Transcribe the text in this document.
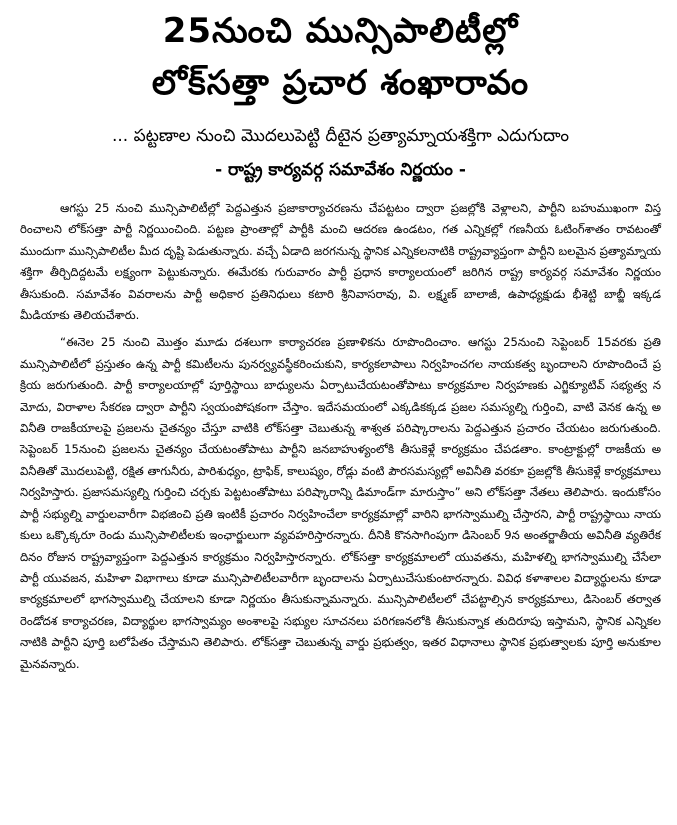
25నుంచి మున్సిపాలిటీల్లో
లోక్‌సత్తా ప్రచార శంఖారావం
... పట్టణాల నుంచి మొదలుపెట్టి దీటైన ప్రత్యామ్నాయశక్తిగా ఎదుగుదాం
- రాష్ట్ర కార్యవర్గ సమావేశం నిర్ణయం -

ఆగస్టు 25 నుంచి మున్సిపాలిటీల్లో పెద్దఎత్తున ప్రజాకార్యాచరణను చేపట్టటం ద్వారా ప్రజల్లోకి వెళ్లాలని, పార్టీని బహుముఖంగా విస్తరించాలని లోక్‌సత్తా పార్టీ నిర్ణయించింది. పట్టణ ప్రాంతాల్లో పార్టీకి మంచి ఆదరణ ఉండటం, గత ఎన్నికల్లో గణనీయ ఓటింగ్‌శాతం రావటంతో ముందుగా మున్సిపాలిటీల మీద దృష్టి పెడుతున్నారు. వచ్చే ఏడాది జరగనున్న స్థానిక ఎన్నికలనాటికి రాష్ట్రవ్యాప్తంగా పార్టీని బలమైన ప్రత్యామ్నాయశక్తిగా తీర్చిదిద్దటమే లక్ష్యంగా పెట్టుకున్నారు. ఈమేరకు గురువారం పార్టీ ప్రధాన కార్యాలయంలో జరిగిన రాష్ట్ర కార్యవర్గ సమావేశం నిర్ణయం తీసుకుంది. సమావేశం వివరాలను పార్టీ అధికార ప్రతినిధులు కటారి శ్రీనివాసరావు, వి. లక్ష్మణ్ బాలాజీ, ఉపాధ్యక్షుడు భీశెట్టి బాబ్జీ ఇక్కడ మీడియాకు తెలియచేశారు.

“ఈనెల 25 నుంచి మొత్తం మూడు దశలుగా కార్యాచరణ ప్రణాళికను రూపొందించాం. ఆగస్టు 25నుంచి సెప్టెంబర్ 15వరకు ప్రతి మున్సిపాలిటీలో ప్రస్తుతం ఉన్న పార్టీ కమిటీలను పునర్వ్యవస్థీకరించుకుని, కార్యకలాపాలు నిర్వహించగల నాయకత్వ బృందాలని రూపొందించే ప్రక్రియ జరుగుతుంది. పార్టీ కార్యాలయాల్లో పూర్తిస్థాయి బాధ్యులను ఏర్పాటుచేయటంతోపాటు కార్యక్రమాల నిర్వహణకు ఎగ్జిక్యూటివ్ సభ్యత్వ నమోదు, విరాళాల సేకరణ ద్వారా పార్టీని స్వయంపోషకంగా చేస్తాం. ఇదేసమయంలో ఎక్కడికక్కడ ప్రజల సమస్యల్ని గుర్తించి, వాటి వెనక ఉన్న అవినీతి రాజకీయాలపై ప్రజలను చైతన్యం చేస్తూ వాటికి లోక్‌సత్తా చెబుతున్న శాశ్వత పరిష్కారాలను పెద్దఎత్తున ప్రచారం చేయటం జరుగుతుంది. సెప్టెంబర్ 15నుంచి ప్రజలను చైతన్యం చేయటంతోపాటు పార్టీని జనబాహుళ్యంలోకి తీసుకెళ్లే కార్యక్రమం చేపడతాం. కాంట్రాక్టుల్లో రాజకీయ అవినీతితో మొదలుపెట్టి, రక్షిత తాగునీరు, పారిశుధ్యం, ట్రాఫిక్, కాలుష్యం, రోడ్లు వంటి పౌరసమస్యల్లో అవినీతి వరకూ ప్రజల్లోకి తీసుకెళ్లే కార్యక్రమాలు నిర్వహిస్తారు. ప్రజాసమస్యల్ని గుర్తించి చర్చకు పెట్టటంతోపాటు పరిష్కారాన్ని డిమాండ్‌గా మారుస్తాం” అని లోక్‌సత్తా నేతలు తెలిపారు. ఇందుకోసం పార్టీ సభ్యుల్ని వార్డులవారీగా విభజించి ప్రతి ఇంటికీ ప్రచారం నిర్వహించేలా కార్యక్రమాల్లో వారిని భాగస్వాముల్ని చేస్తారని, పార్టీ రాష్ట్రస్థాయి నాయకులు ఒక్కొక్కరూ రెండు మున్సిపాలిటీలకు ఇంఛార్జులుగా వ్యవహరిస్తారన్నారు. దీనికి కొనసాగింపుగా డిసెంబర్ 9న అంతర్జాతీయ అవినీతి వ్యతిరేక దినం రోజున రాష్ట్రవ్యాప్తంగా పెద్దఎత్తున కార్యక్రమం నిర్వహిస్తారన్నారు. లోక్‌సత్తా కార్యక్రమాలలో యువతను, మహిళల్ని భాగస్వాముల్ని చేసేలా పార్టీ యువజన, మహిళా విభాగాలు కూడా మున్సిపాలిటీలవారీగా బృందాలను ఏర్పాటుచేసుకుంటారన్నారు. వివిధ కళాశాలల విద్యార్థులను కూడా కార్యక్రమాలలో భాగస్వాముల్ని చేయాలని కూడా నిర్ణయం తీసుకున్నామన్నారు. మున్సిపాలిటీలలో చేపట్టాల్సిన కార్యక్రమాలు, డిసెంబర్ తర్వాత రెండోదశ కార్యాచరణ, విద్యార్థుల భాగస్వామ్యం అంశాలపై సభ్యుల సూచనలు పరిగణనలోకి తీసుకున్నాక తుదిరూపు ఇస్తామని, స్థానిక ఎన్నికలనాటికి పార్టీని పూర్తి బలోపేతం చేస్తామని తెలిపారు. లోక్‌సత్తా చెబుతున్న వార్డు ప్రభుత్వం, ఇతర విధానాలు స్థానిక ప్రభుత్వాలకు పూర్తి అనుకూలమైనవన్నారు.
